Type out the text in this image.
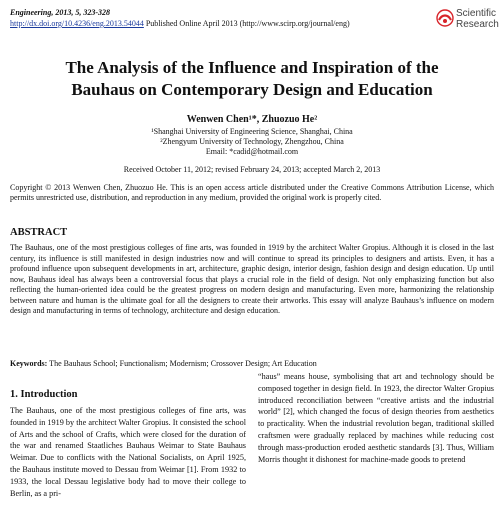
Engineering, 2013, 5, 323-328
http://dx.doi.org/10.4236/eng.2013.54044 Published Online April 2013 (http://www.scirp.org/journal/eng)
Scientific
Research
The Analysis of the Influence and Inspiration of the
Bauhaus on Contemporary Design and Education
Wenwen Chen¹*, Zhuozuo He²
¹Shanghai University of Engineering Science, Shanghai, China
²Zhengyum University of Technology, Zhengzhou, China
Email: *cadid@hotmail.com
Received October 11, 2012; revised February 24, 2013; accepted March 2, 2013
Copyright © 2013 Wenwen Chen, Zhuozuo He. This is an open access article distributed under the Creative Commons Attribution License, which permits unrestricted use, distribution, and reproduction in any medium, provided the original work is properly cited.
ABSTRACT
The Bauhaus, one of the most prestigious colleges of fine arts, was founded in 1919 by the architect Walter Gropius. Although it is closed in the last century, its influence is still manifested in design industries now and will continue to spread its principles to designers and artists. Even, it has a profound influence upon subsequent developments in art, architecture, graphic design, interior design, fashion design and design education. Up until now, Bauhaus ideal has always been a controversial focus that plays a crucial role in the field of design. Not only emphasizing function but also reflecting the human-oriented idea could be the greatest progress on modern design and manufacturing. Even more, harmonizing the relationship between nature and human is the ultimate goal for all the designers to create their artworks. This essay will analyze Bauhaus’s influence on modern design and manufacturing in terms of technology, architecture and design education.
Keywords: The Bauhaus School; Functionalism; Modernism; Crossover Design; Art Education
1. Introduction
The Bauhaus, one of the most prestigious colleges of fine arts, was founded in 1919 by the architect Walter Gropius. It consisted the school of Arts and the school of Crafts, which were closed for the duration of the war and renamed Staatliches Bauhaus Weimar to State Bauhaus Weimar. Due to conflicts with the National Socialists, on April 1925, the Bauhaus institute moved to Dessau from Weimar [1]. From 1932 to 1933, the local Dessau legislative body had to move their college to Berlin, as a pri-
“haus” means house, symbolising that art and technology should be composed together in design field. In 1923, the director Walter Gropius introduced reconciliation between “creative artists and the industrial world” [2], which changed the focus of design theories from aesthetics to practicality. When the industrial revolution began, traditional skilled craftsmen were gradually replaced by machines while reducing cost through mass-production eroded aesthetic standards [3]. Thus, William Morris thought it dishonest for machine-made goods to pretend
